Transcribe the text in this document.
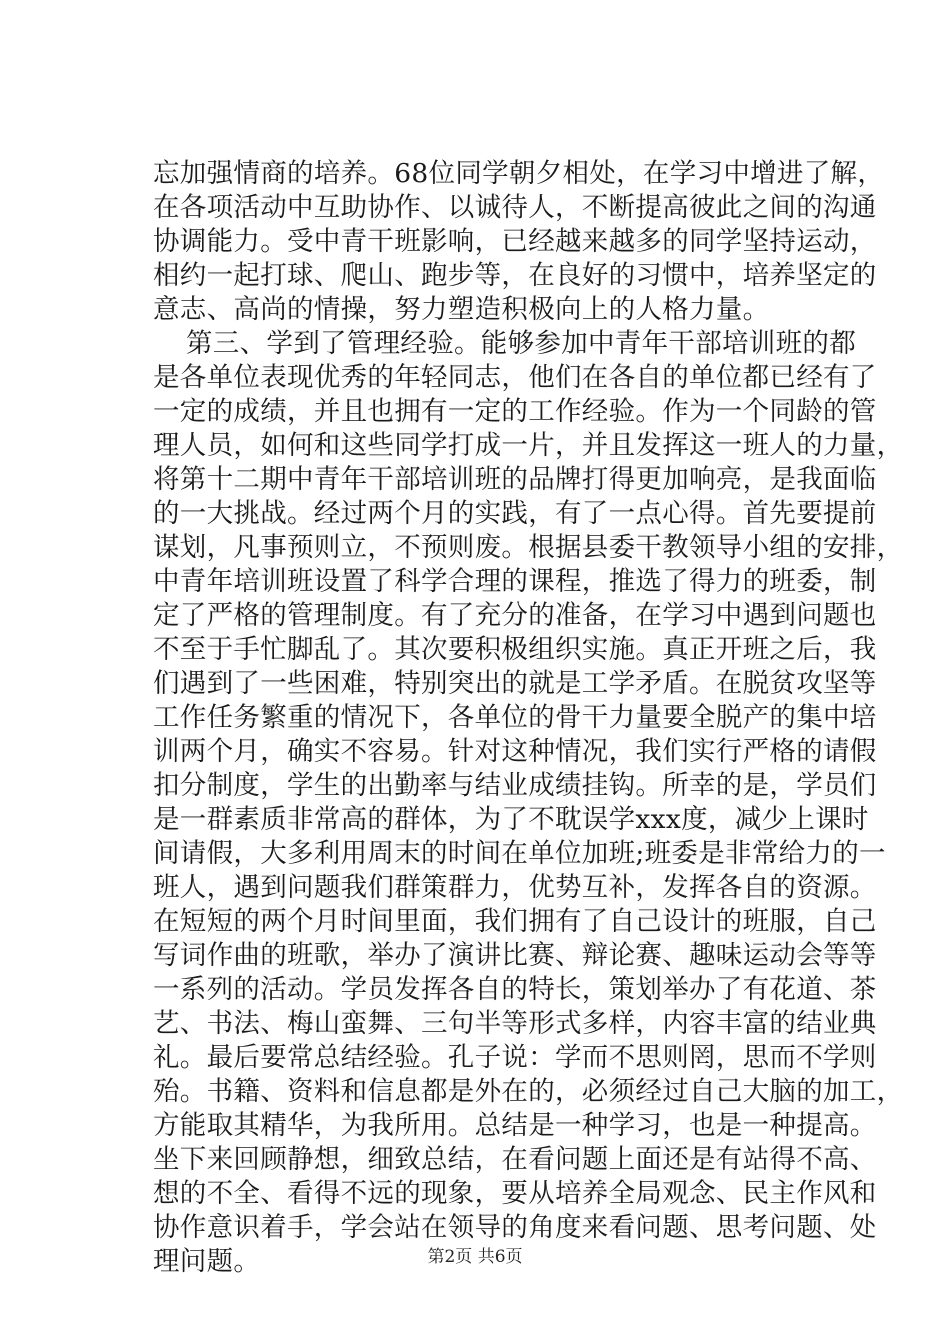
忘加强情商的培养。68位同学朝夕相处，在学习中增进了解，
在各项活动中互助协作、以诚待人，不断提高彼此之间的沟通
协调能力。受中青干班影响，已经越来越多的同学坚持运动，
相约一起打球、爬山、跑步等，在良好的习惯中，培养坚定的
意志、高尚的情操，努力塑造积极向上的人格力量。
第三、学到了管理经验。能够参加中青年干部培训班的都
是各单位表现优秀的年轻同志，他们在各自的单位都已经有了
一定的成绩，并且也拥有一定的工作经验。作为一个同龄的管
理人员，如何和这些同学打成一片，并且发挥这一班人的力量，
将第十二期中青年干部培训班的品牌打得更加响亮，是我面临
的一大挑战。经过两个月的实践，有了一点心得。首先要提前
谋划，凡事预则立，不预则废。根据县委干教领导小组的安排，
中青年培训班设置了科学合理的课程，推选了得力的班委，制
定了严格的管理制度。有了充分的准备，在学习中遇到问题也
不至于手忙脚乱了。其次要积极组织实施。真正开班之后，我
们遇到了一些困难，特别突出的就是工学矛盾。在脱贫攻坚等
工作任务繁重的情况下，各单位的骨干力量要全脱产的集中培
训两个月，确实不容易。针对这种情况，我们实行严格的请假
扣分制度，学生的出勤率与结业成绩挂钩。所幸的是，学员们
是一群素质非常高的群体，为了不耽误学xxx度，减少上课时
间请假，大多利用周末的时间在单位加班;班委是非常给力的一
班人，遇到问题我们群策群力，优势互补，发挥各自的资源。
在短短的两个月时间里面，我们拥有了自己设计的班服，自己
写词作曲的班歌，举办了演讲比赛、辩论赛、趣味运动会等等
一系列的活动。学员发挥各自的特长，策划举办了有花道、茶
艺、书法、梅山蛮舞、三句半等形式多样，内容丰富的结业典
礼。最后要常总结经验。孔子说：学而不思则罔，思而不学则
殆。书籍、资料和信息都是外在的，必须经过自己大脑的加工，
方能取其精华，为我所用。总结是一种学习，也是一种提高。
坐下来回顾静想，细致总结，在看问题上面还是有站得不高、
想的不全、看得不远的现象，要从培养全局观念、民主作风和
协作意识着手，学会站在领导的角度来看问题、思考问题、处
理问题。	第2页 共6页
